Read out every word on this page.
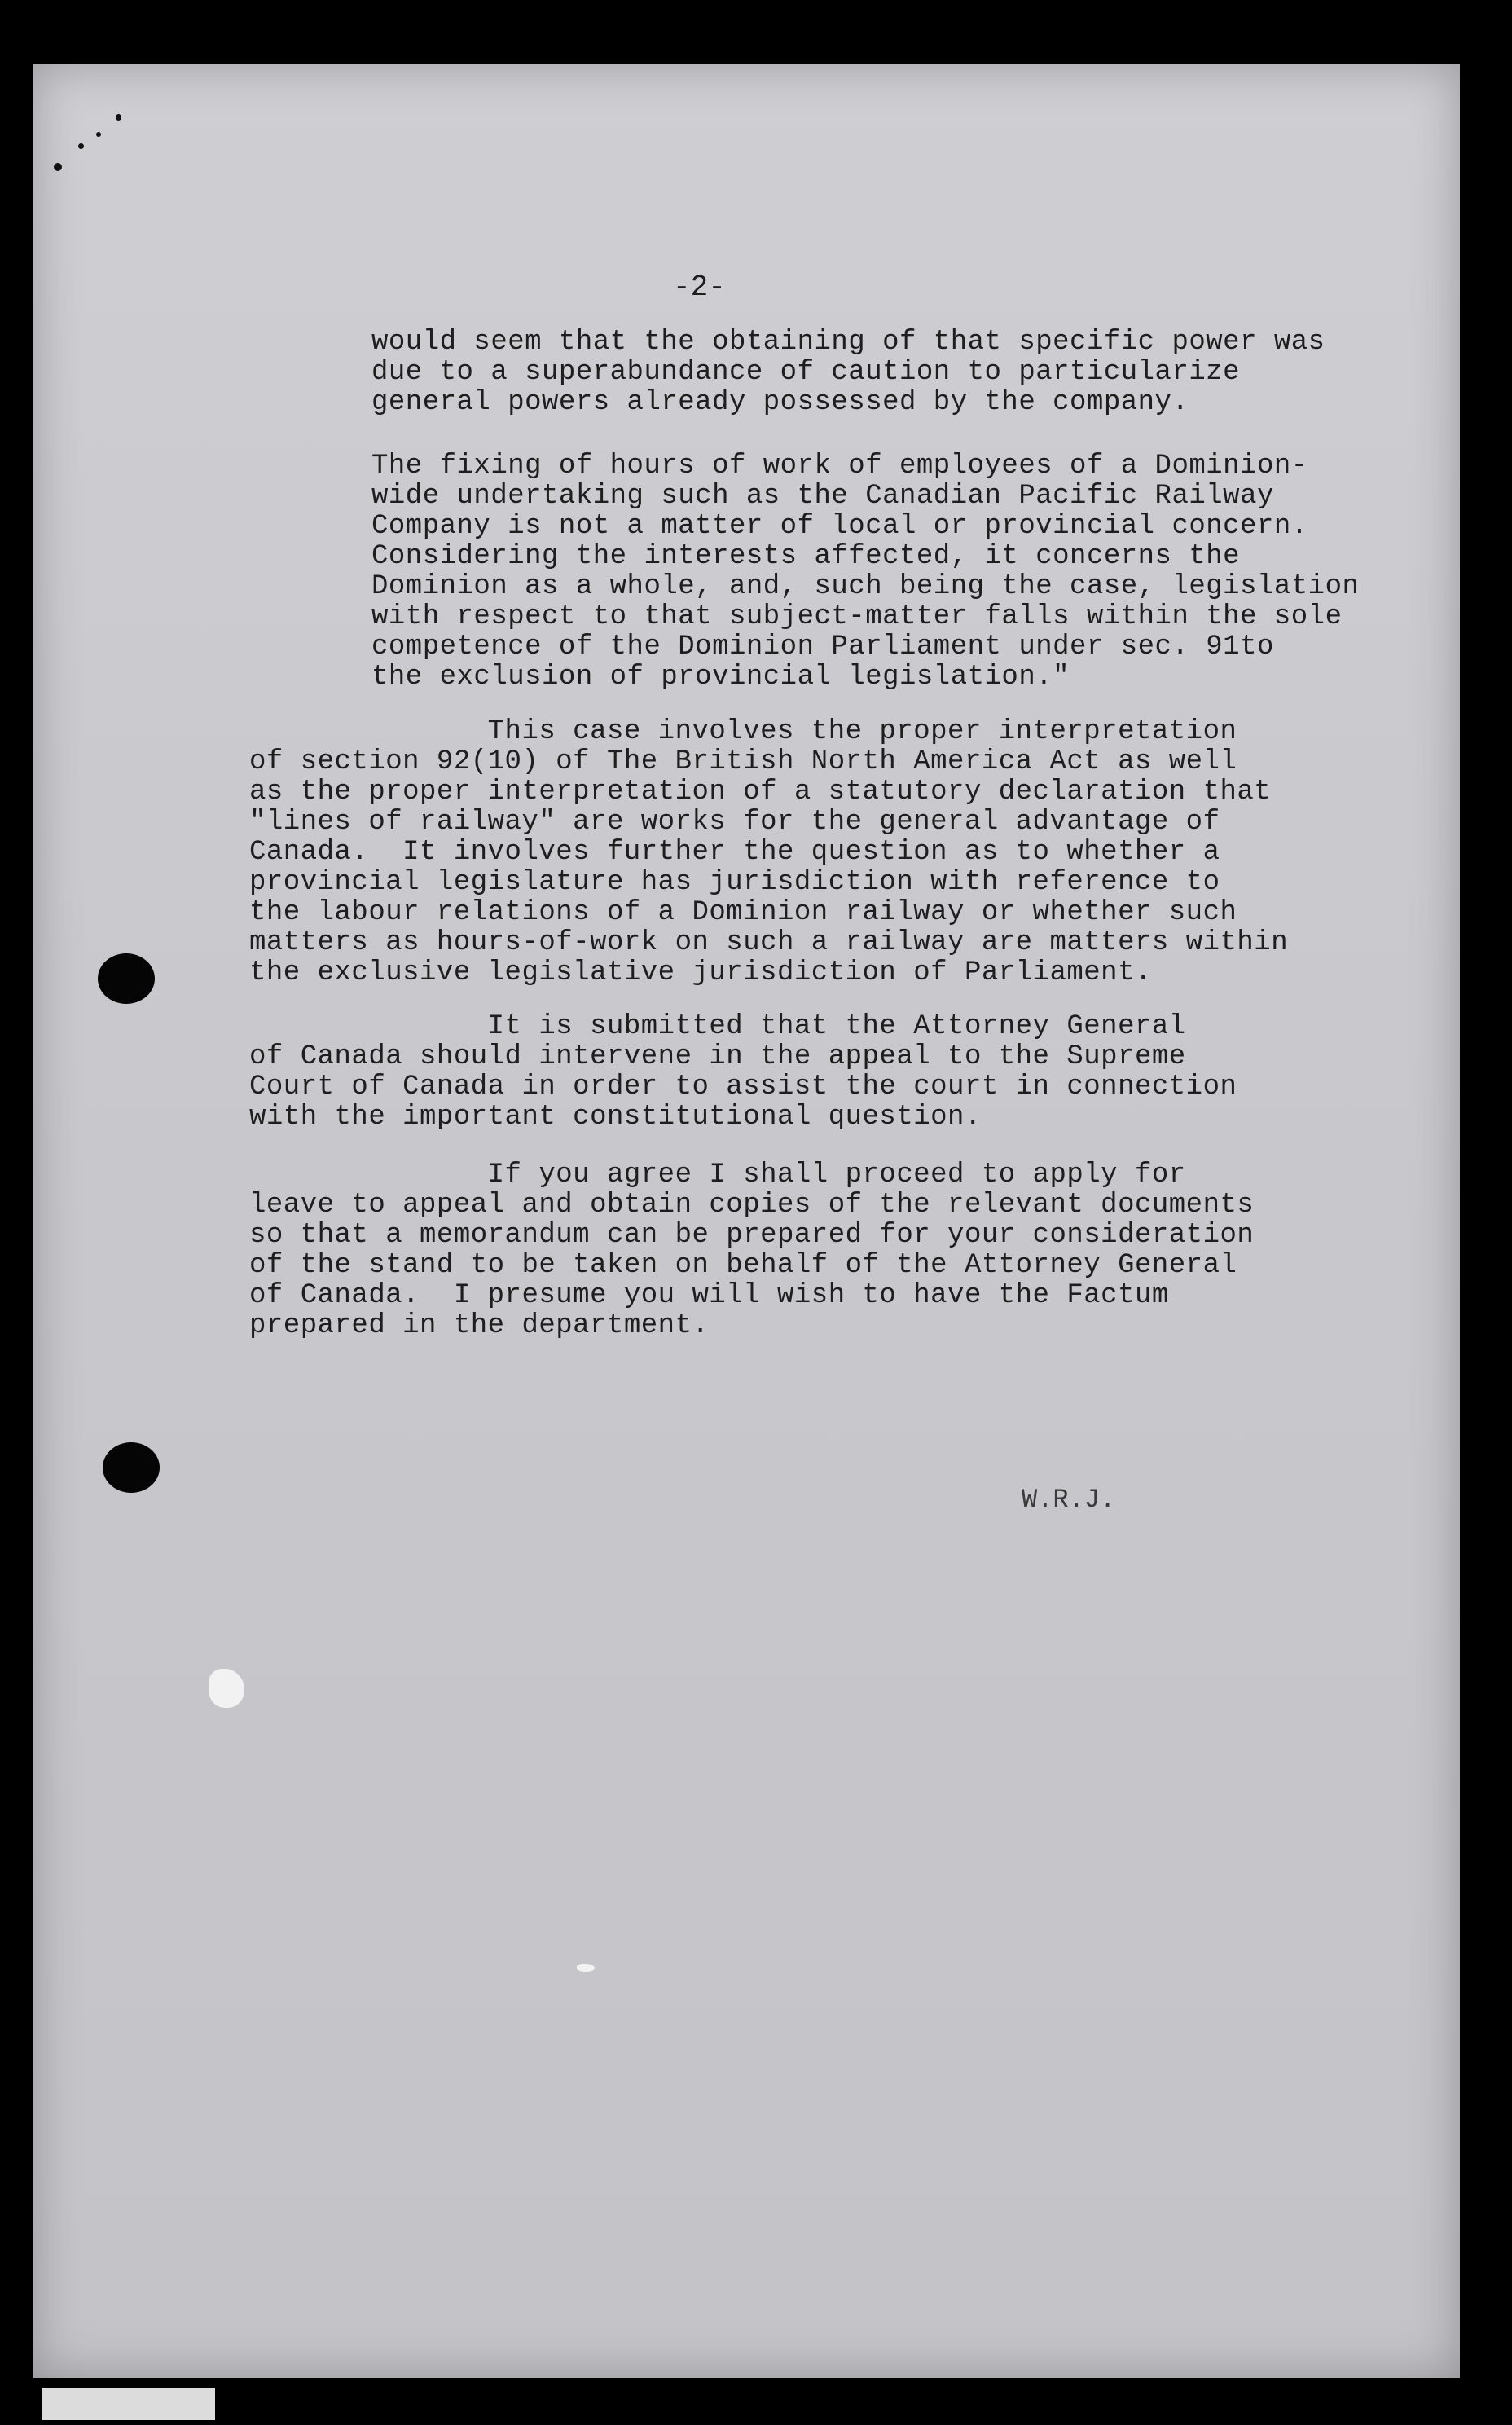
-2-

would seem that the obtaining of that specific power was
due to a superabundance of caution to particularize
general powers already possessed by the company.
The fixing of hours of work of employees of a Dominion-
wide undertaking such as the Canadian Pacific Railway
Company is not a matter of local or provincial concern.
Considering the interests affected, it concerns the
Dominion as a whole, and, such being the case, legislation
with respect to that subject-matter falls within the sole
competence of the Dominion Parliament under sec. 91to
the exclusion of provincial legislation."
This case involves the proper interpretation
of section 92(10) of The British North America Act as well
as the proper interpretation of a statutory declaration that
"lines of railway" are works for the general advantage of
Canada.  It involves further the question as to whether a
provincial legislature has jurisdiction with reference to
the labour relations of a Dominion railway or whether such
matters as hours-of-work on such a railway are matters within
the exclusive legislative jurisdiction of Parliament.
It is submitted that the Attorney General
of Canada should intervene in the appeal to the Supreme
Court of Canada in order to assist the court in connection
with the important constitutional question.
If you agree I shall proceed to apply for
leave to appeal and obtain copies of the relevant documents
so that a memorandum can be prepared for your consideration
of the stand to be taken on behalf of the Attorney General
of Canada.  I presume you will wish to have the Factum
prepared in the department.

W.R.J.
